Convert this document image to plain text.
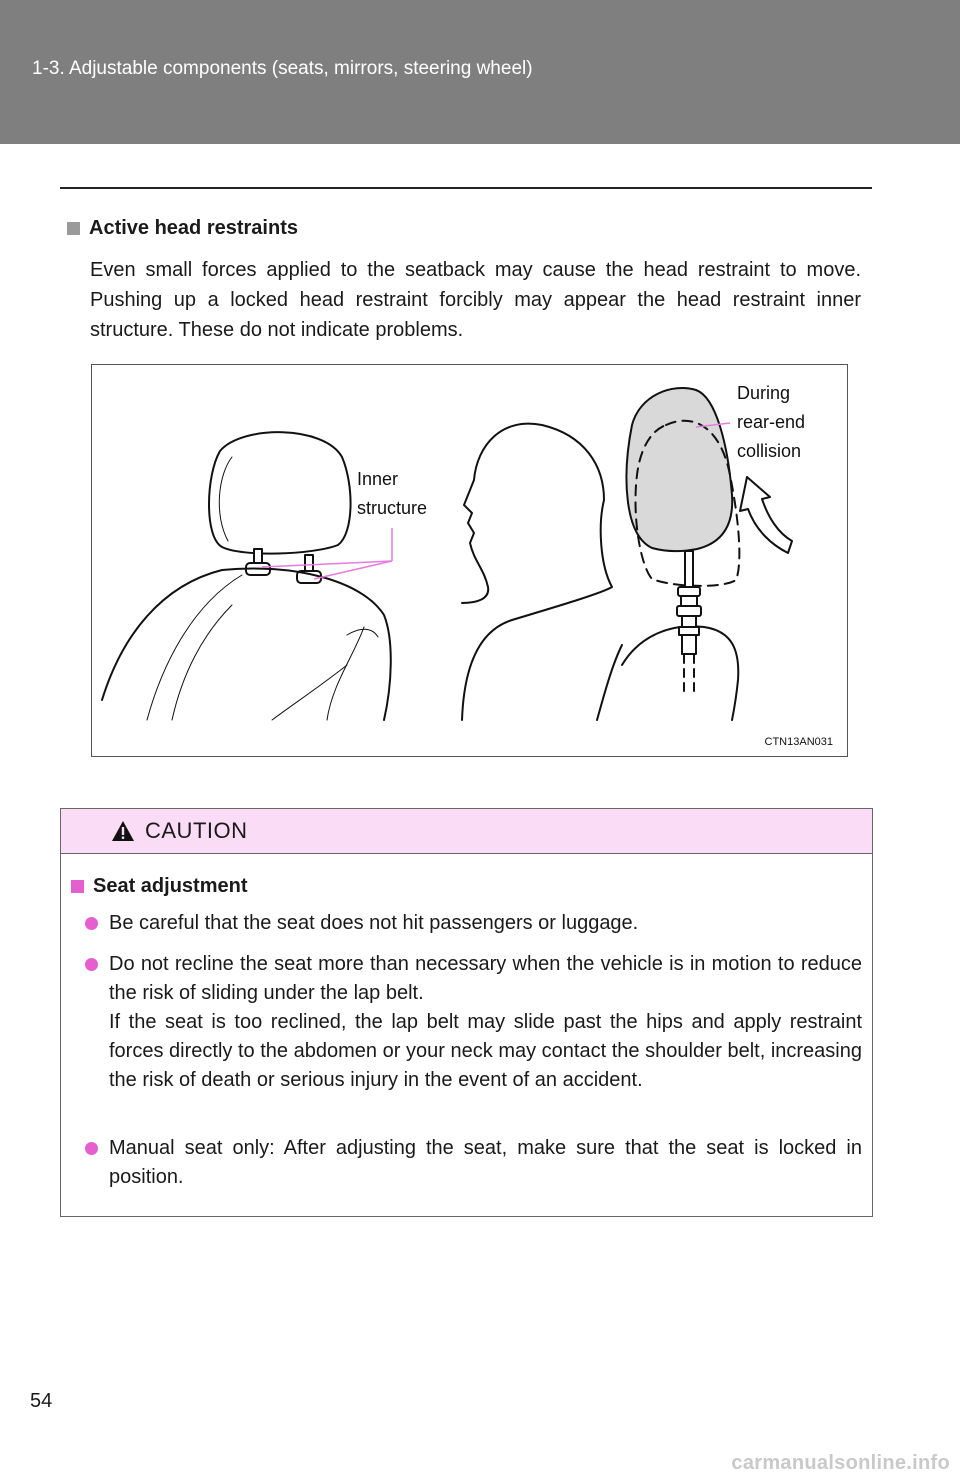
1-3. Adjustable components (seats, mirrors, steering wheel)
Active head restraints
Even small forces applied to the seatback may cause the head restraint to move. Pushing up a locked head restraint forcibly may appear the head restraint inner structure. These do not indicate problems.
Inner
structure
During
rear-end
collision
CTN13AN031
CAUTION
Seat adjustment

Be careful that the seat does not hit passengers or luggage.

Do not recline the seat more than necessary when the vehicle is in motion to reduce the risk of sliding under the lap belt.

If the seat is too reclined, the lap belt may slide past the hips and apply restraint forces directly to the abdomen or your neck may contact the shoulder belt, increasing the risk of death or serious injury in the event of an accident.

Manual seat only: After adjusting the seat, make sure that the seat is locked in position.

54
carmanualsonline.info
